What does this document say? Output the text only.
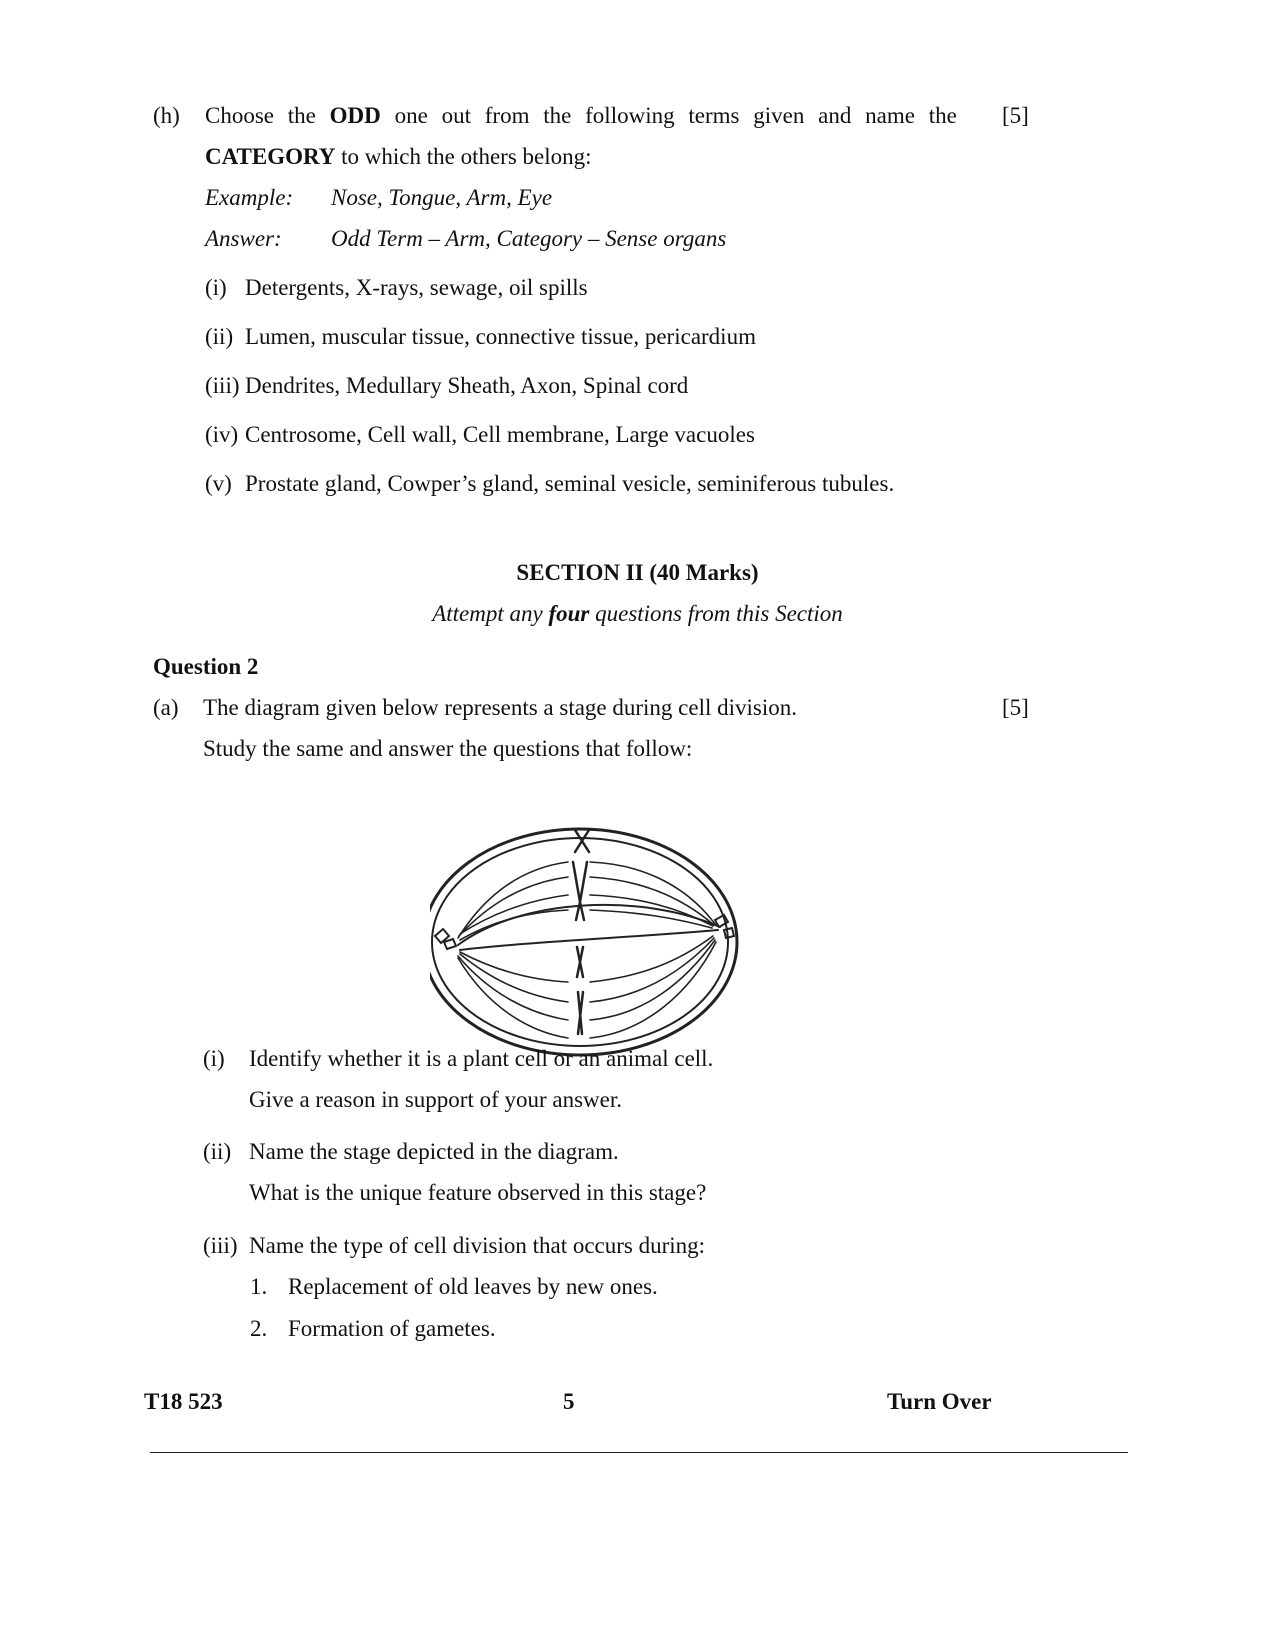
(h) Choose the ODD one out from the following terms given and name the [5]
CATEGORY to which the others belong:
Example: Nose, Tongue, Arm, Eye
Answer: Odd Term – Arm, Category – Sense organs
(i) Detergents, X-rays, sewage, oil spills
(ii) Lumen, muscular tissue, connective tissue, pericardium
(iii) Dendrites, Medullary Sheath, Axon, Spinal cord
(iv) Centrosome, Cell wall, Cell membrane, Large vacuoles
(v) Prostate gland, Cowper’s gland, seminal vesicle, seminiferous tubules.
SECTION II (40 Marks)
Attempt any four questions from this Section
Question 2
(a) The diagram given below represents a stage during cell division.	[5]
Study the same and answer the questions that follow:
(i) Identify whether it is a plant cell or an animal cell.
Give a reason in support of your answer.
(ii) Name the stage depicted in the diagram.
What is the unique feature observed in this stage?
(iii) Name the type of cell division that occurs during:
1. Replacement of old leaves by new ones.
2. Formation of gametes.
T18 523	5	Turn Over
